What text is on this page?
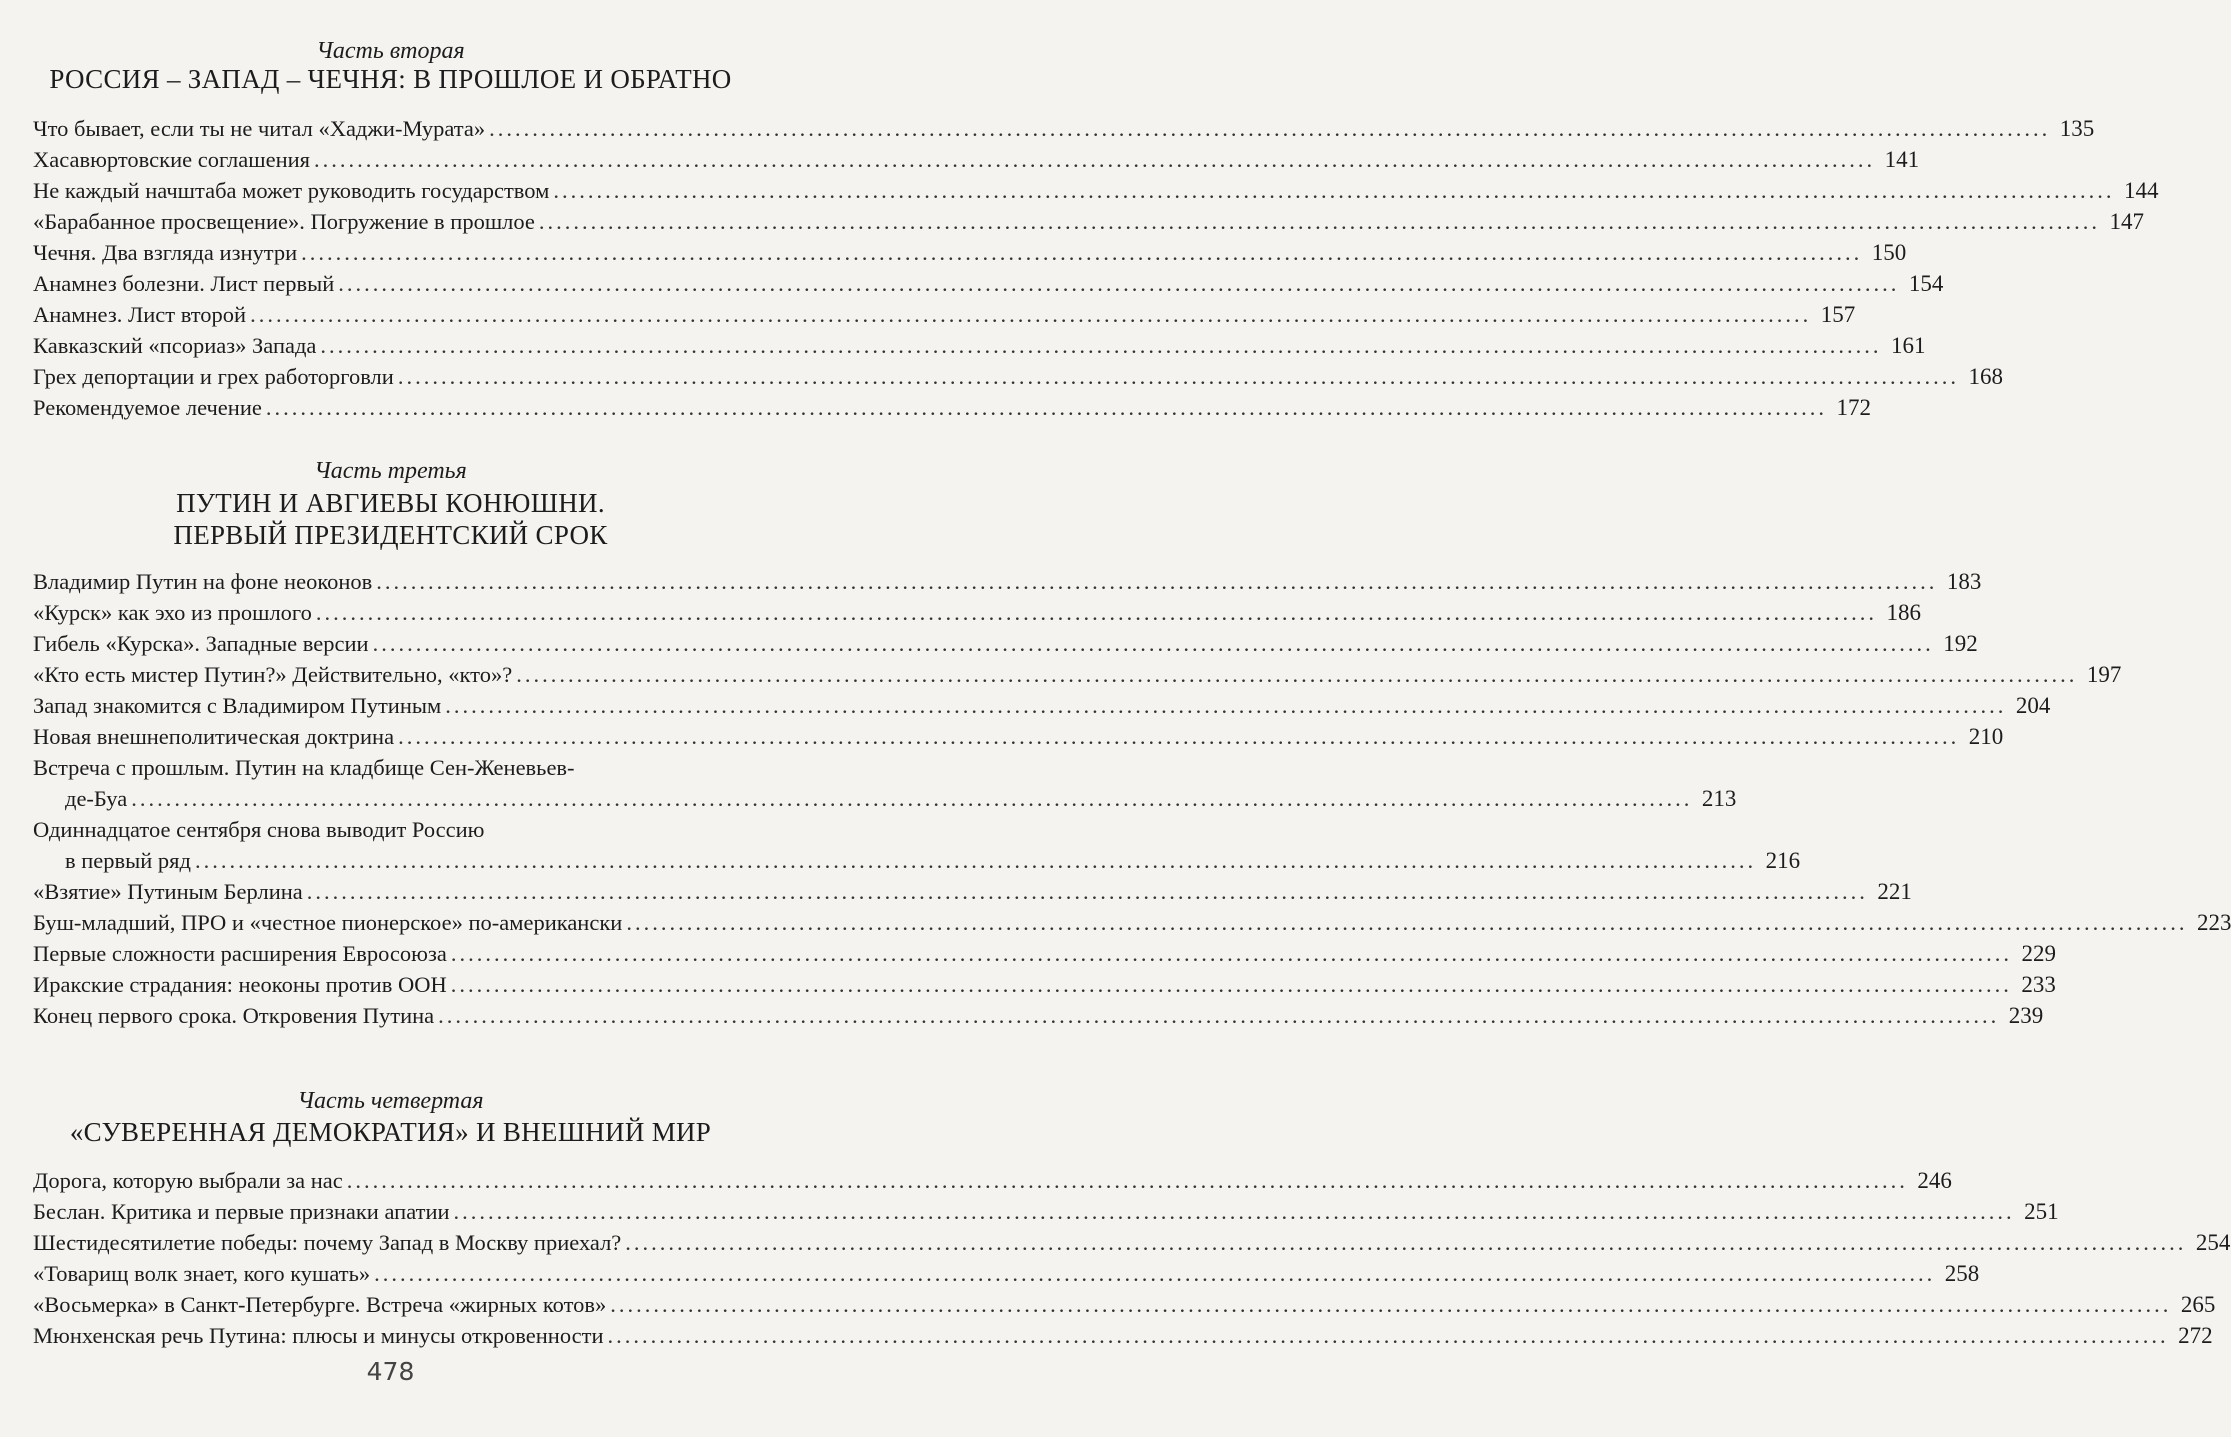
Часть вторая
РОССИЯ – ЗАПАД – ЧЕЧНЯ: В ПРОШЛОЕ И ОБРАТНО
Что бывает, если ты не читал «Хаджи-Мурата» .....	135
Хасавюртовские соглашения .....	141
Не каждый начштаба может руководить государством .....	144
«Барабанное просвещение». Погружение в прошлое .....	147
Чечня. Два взгляда изнутри .....	150
Анамнез болезни. Лист первый .....	154
Анамнез. Лист второй .....	157
Кавказский «псориаз» Запада .....	161
Грех депортации и грех работорговли .....	168
Рекомендуемое лечение .....	172
Часть третья
ПУТИН И АВГИЕВЫ КОНЮШНИ.
ПЕРВЫЙ ПРЕЗИДЕНТСКИЙ СРОК
Владимир Путин на фоне неоконов .....	183
«Курск» как эхо из прошлого .....	186
Гибель «Курска». Западные версии .....	192
«Кто есть мистер Путин?» Действительно, «кто»? .....	197
Запад знакомится с Владимиром Путиным .....	204
Новая внешнеполитическая доктрина .....	210
Встреча с прошлым. Путин на кладбище Сен-Женевьев-
де-Буа .....	213
Одиннадцатое сентября снова выводит Россию
в первый ряд .....	216
«Взятие» Путиным Берлина .....	221
Буш-младший, ПРО и «честное пионерское» по-американски .....	223
Первые сложности расширения Евросоюза .....	229
Иракские страдания: неоконы против ООН .....	233
Конец первого срока. Откровения Путина .....	239
Часть четвертая
«СУВЕРЕННАЯ ДЕМОКРАТИЯ» И ВНЕШНИЙ МИР
Дорога, которую выбрали за нас .....	246
Беслан. Критика и первые признаки апатии .....	251
Шестидесятилетие победы: почему Запад в Москву приехал? .....	254
«Товарищ волк знает, кого кушать» .....	258
«Восьмерка» в Санкт-Петербурге. Встреча «жирных котов» .....	265
Мюнхенская речь Путина: плюсы и минусы откровенности .....	272
478
